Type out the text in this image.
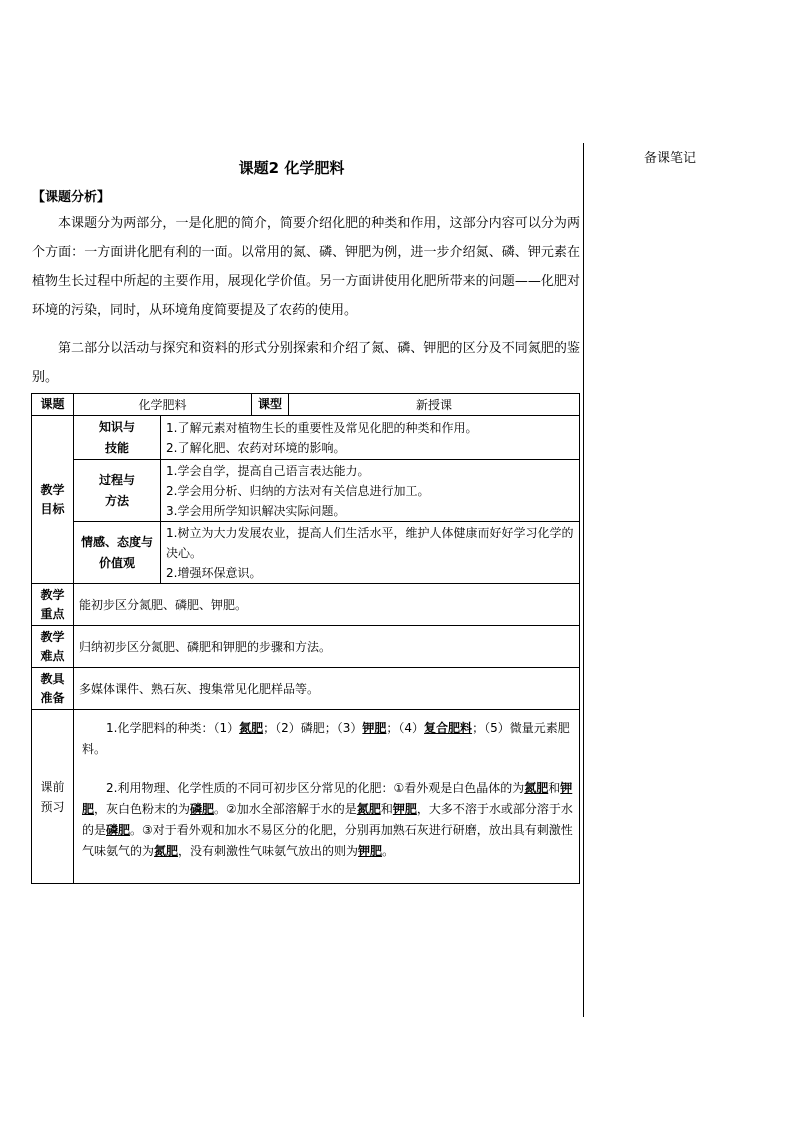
备课笔记
课题2 化学肥料
【课题分析】
本课题分为两部分，一是化肥的简介，简要介绍化肥的种类和作用，这部分内容可以分为两个方面：一方面讲化肥有利的一面。以常用的氮、磷、钾肥为例，进一步介绍氮、磷、钾元素在植物生长过程中所起的主要作用，展现化学价值。另一方面讲使用化肥所带来的问题——化肥对环境的污染，同时，从环境角度简要提及了农药的使用。
第二部分以活动与探究和资料的形式分别探索和介绍了氮、磷、钾肥的区分及不同氮肥的鉴别。
课题	化学肥料		课型	新授课
教学目标	知识与技能	1.了解元素对植物生长的重要性及常见化肥的种类和作用。
2.了解化肥、农药对环境的影响。		

	过程与方法	1.学会自学，提高自己语言表达能力。
2.学会用分析、归纳的方法对有关信息进行加工。
3.学会用所学知识解决实际问题。		

	情感、态度与价值观	1.树立为大力发展农业，提高人们生活水平，维护人体健康而好好学习化学的决心。
2.增强环保意识。		

教学重点	能初步区分氮肥、磷肥、钾肥。			
教学难点	归纳初步区分氮肥、磷肥和钾肥的步骤和方法。			
教具准备	多媒体课件、熟石灰、搜集常见化肥样品等。			
课前预习	1.化学肥料的种类：（1）氮肥；（2）磷肥；（3）钾肥；（4）复合肥料；（5）微量元素肥料。

2.利用物理、化学性质的不同可初步区分常见的化肥：①看外观是白色晶体的为氮肥和钾肥，灰白色粉末的为磷肥。②加水全部溶解于水的是氮肥和钾肥，大多不溶于水或部分溶于水的是磷肥。③对于看外观和加水不易区分的化肥，分别再加熟石灰进行研磨，放出具有刺激性气味氨气的为氮肥，没有刺激性气味氨气放出的则为钾肥。			
